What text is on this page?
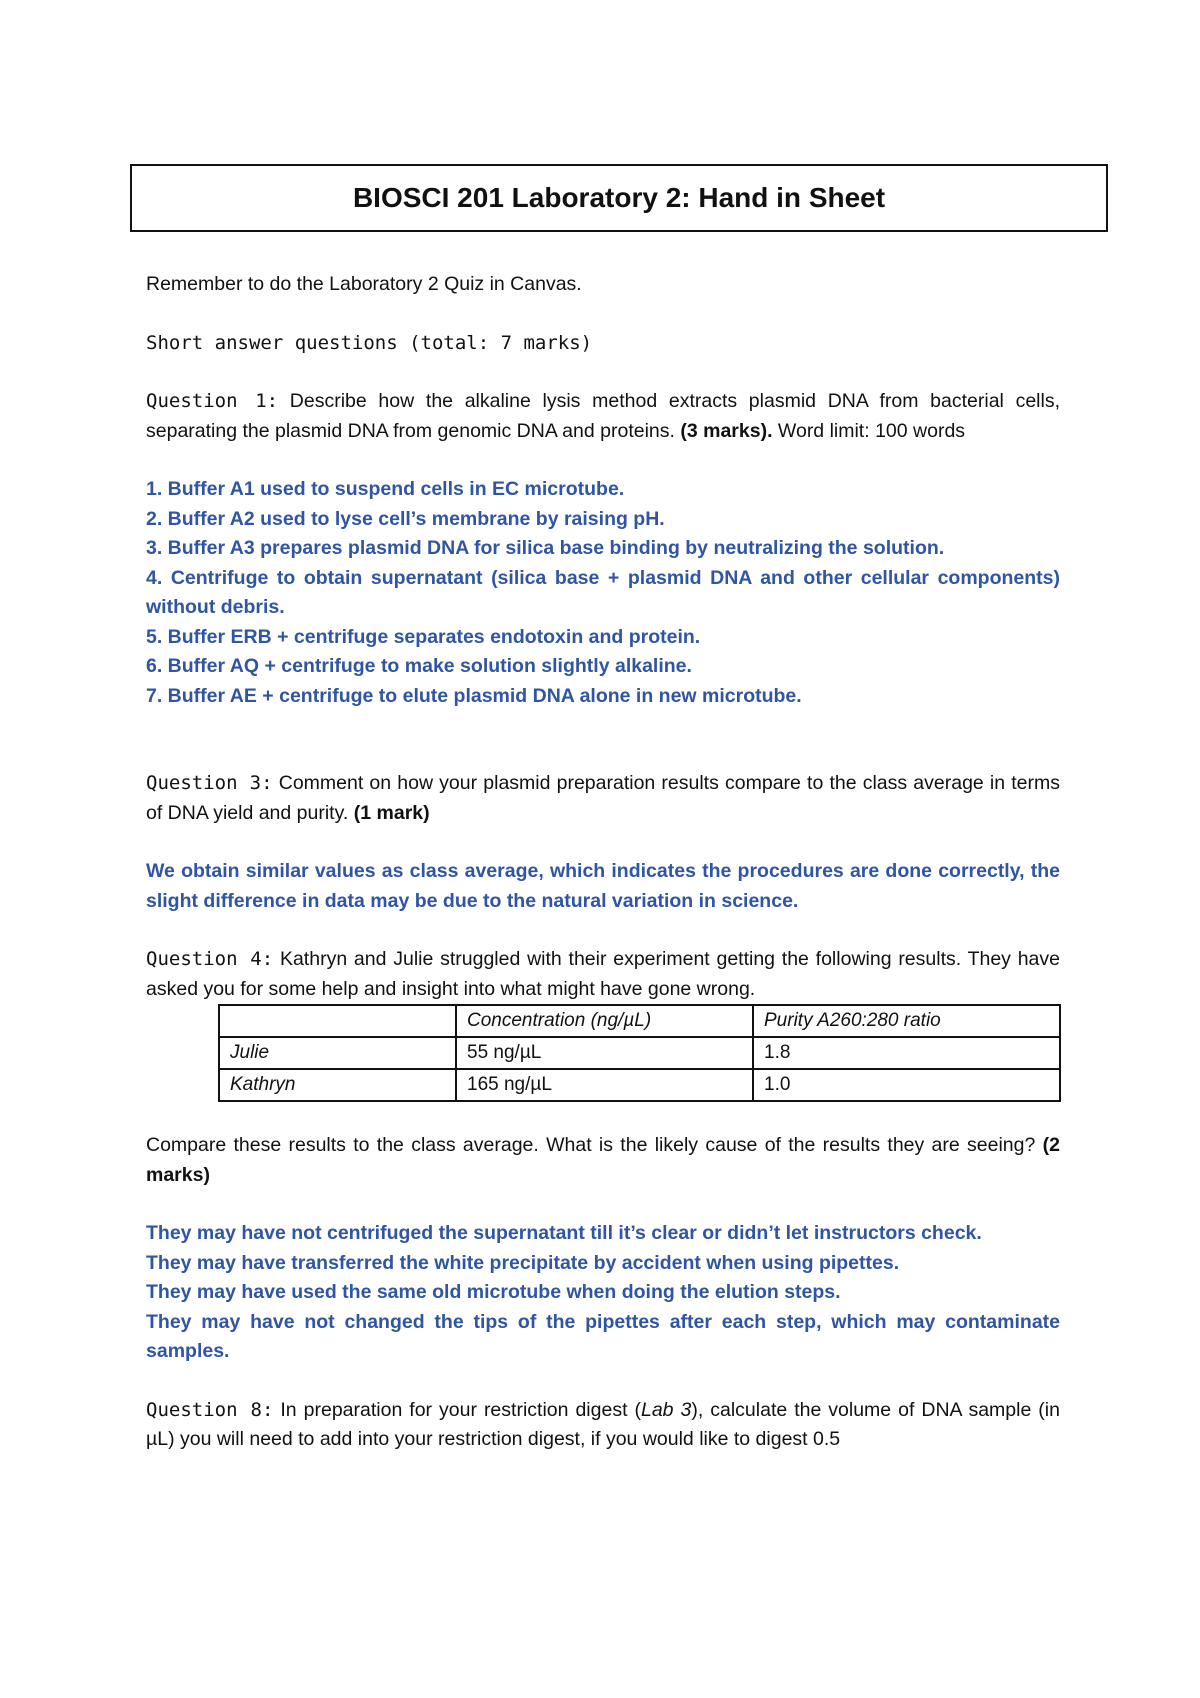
BIOSCI 201 Laboratory 2: Hand in Sheet

Remember to do the Laboratory 2 Quiz in Canvas.

Short answer questions (total: 7 marks)

Question 1: Describe how the alkaline lysis method extracts plasmid DNA from bacterial cells, separating the plasmid DNA from genomic DNA and proteins. (3 marks). Word limit: 100 words

1. Buffer A1 used to suspend cells in EC microtube.

2. Buffer A2 used to lyse cell’s membrane by raising pH.

3. Buffer A3 prepares plasmid DNA for silica base binding by neutralizing the solution.

4. Centrifuge to obtain supernatant (silica base + plasmid DNA and other cellular components) without debris.

5. Buffer ERB + centrifuge separates endotoxin and protein.

6. Buffer AQ + centrifuge to make solution slightly alkaline.

7. Buffer AE + centrifuge to elute plasmid DNA alone in new microtube.

Question 3: Comment on how your plasmid preparation results compare to the class average in terms of DNA yield and purity. (1 mark)

We obtain similar values as class average, which indicates the procedures are done correctly, the slight difference in data may be due to the natural variation in science.

Question 4: Kathryn and Julie struggled with their experiment getting the following results. They have asked you for some help and insight into what might have gone wrong.

	Concentration (ng/µL)	Purity A260:280 ratio
Julie	55 ng/µL	1.8
Kathryn	165 ng/µL	1.0

Compare these results to the class average. What is the likely cause of the results they are seeing? (2 marks)

They may have not centrifuged the supernatant till it’s clear or didn’t let instructors check.

They may have transferred the white precipitate by accident when using pipettes.

They may have used the same old microtube when doing the elution steps.

They may have not changed the tips of the pipettes after each step, which may contaminate samples.

Question 8: In preparation for your restriction digest (Lab 3), calculate the volume of DNA sample (in µL) you will need to add into your restriction digest, if you would like to digest 0.5
